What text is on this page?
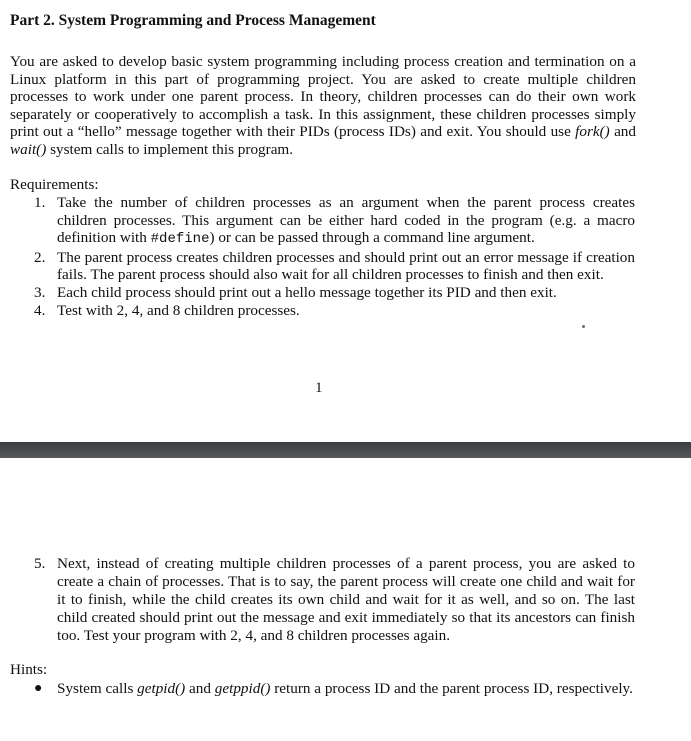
Part 2. System Programming and Process Management

You are asked to develop basic system programming including process creation and termination on a Linux platform in this part of programming project. You are asked to create multiple children processes to work under one parent process. In theory, children processes can do their own work separately or cooperatively to accomplish a task. In this assignment, these children processes simply print out a “hello” message together with their PIDs (process IDs) and exit. You should use fork() and wait() system calls to implement this program.

Requirements:
1. Take the number of children processes as an argument when the parent process creates children processes. This argument can be either hard coded in the program (e.g. a macro definition with #define) or can be passed through a command line argument.
2. The parent process creates children processes and should print out an error message if creation fails. The parent process should also wait for all children processes to finish and then exit.
3. Each child process should print out a hello message together its PID and then exit.
4. Test with 2, 4, and 8 children processes.
1
5. Next, instead of creating multiple children processes of a parent process, you are asked to create a chain of processes. That is to say, the parent process will create one child and wait for it to finish, while the child creates its own child and wait for it as well, and so on. The last child created should print out the message and exit immediately so that its ancestors can finish too. Test your program with 2, 4, and 8 children processes again.
Hints:
● System calls getpid() and getppid() return a process ID and the parent process ID, respectively.
